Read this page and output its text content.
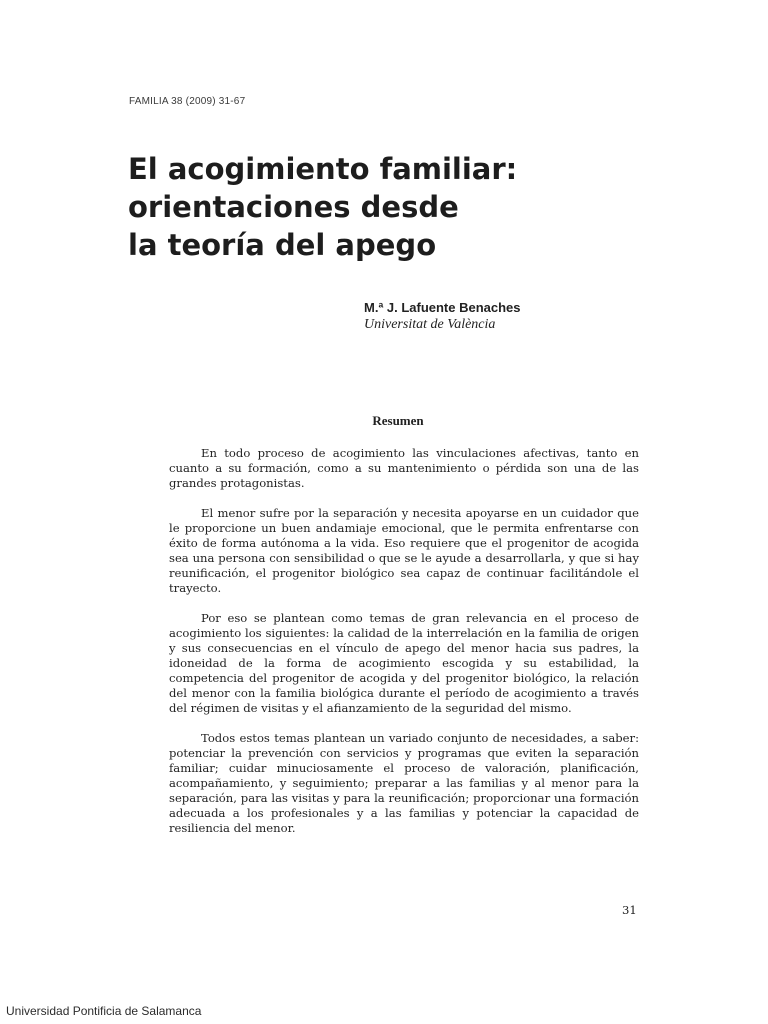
FAMILIA 38 (2009) 31-67
El acogimiento familiar:
orientaciones desde
la teoría del apego
M.ª J. Lafuente Benaches
Universitat de València
Resumen

En todo proceso de acogimiento las vinculaciones afectivas, tanto en cuanto a su formación, como a su mantenimiento o pérdida son una de las grandes protagonistas.

El menor sufre por la separación y necesita apoyarse en un cuidador que le proporcione un buen andamiaje emocional, que le permita enfrentarse con éxito de forma autónoma a la vida. Eso requiere que el progenitor de acogida sea una persona con sensibilidad o que se le ayude a desarrollarla, y que si hay reunificación, el progenitor biológico sea capaz de continuar facilitándole el trayecto.

Por eso se plantean como temas de gran relevancia en el proceso de acogimiento los siguientes: la calidad de la interrelación en la familia de origen y sus consecuencias en el vínculo de apego del menor hacia sus padres, la idoneidad de la forma de acogimiento escogida y su estabilidad, la competencia del progenitor de acogida y del progenitor biológico, la relación del menor con la familia biológica durante el período de acogimiento a través del régimen de visitas y el afianzamiento de la seguridad del mismo.

Todos estos temas plantean un variado conjunto de necesidades, a saber: potenciar la prevención con servicios y programas que eviten la separación familiar; cuidar minuciosamente el proceso de valoración, planificación, acompañamiento, y seguimiento; preparar a las familias y al menor para la separación, para las visitas y para la reunificación; proporcionar una formación adecuada a los profesionales y a las familias y potenciar la capacidad de resiliencia del menor.

31
Universidad Pontificia de Salamanca
